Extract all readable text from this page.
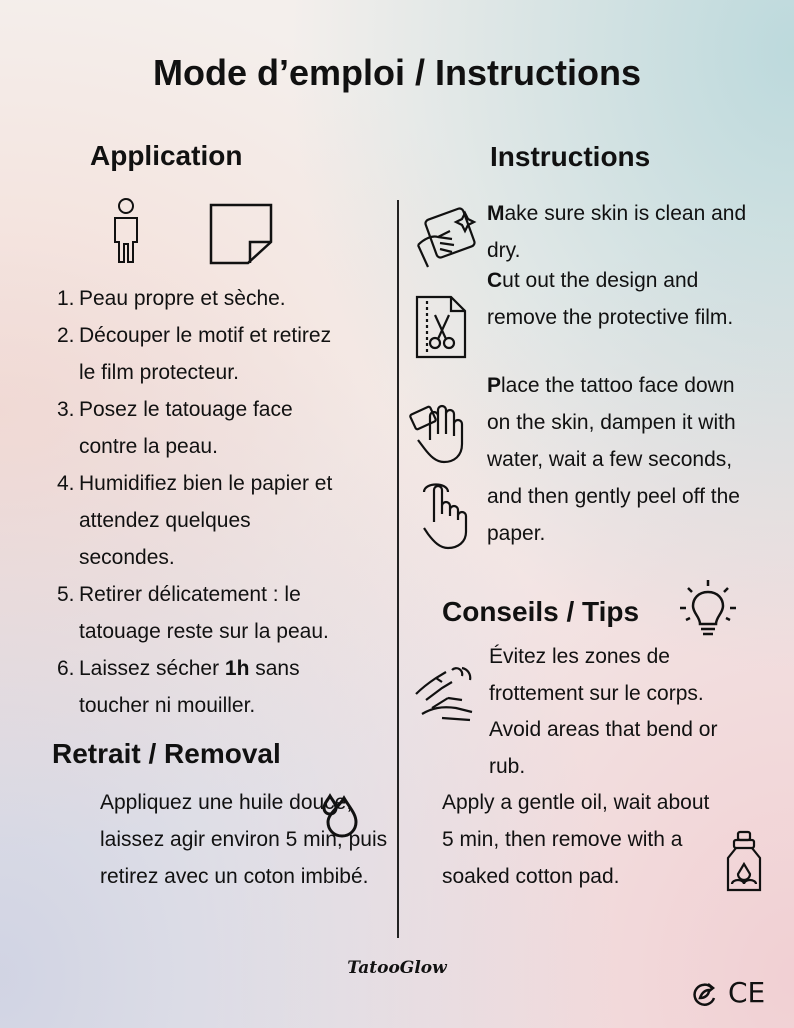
Mode d’emploi / Instructions
Application
1. Peau propre et sèche.
2. Découper le motif et retirez le film protecteur.
3. Posez le tatouage face contre la peau.
4. Humidifiez bien le papier et attendez quelques secondes.
5. Retirer délicatement : le tatouage reste sur la peau.
6. Laissez sécher 1h sans toucher ni mouiller.
Retrait / Removal
Appliquez une huile douce, laissez agir environ 5 min, puis retirez avec un coton imbibé.
Instructions
Make sure skin is clean and dry.
Cut out the design and remove the protective film.
Place the tattoo face down on the skin, dampen it with water, wait a few seconds, and then gently peel off the paper.
Conseils / Tips
Évitez les zones de frottement sur le corps.
Avoid areas that bend or rub.
Apply a gentle oil, wait about 5 min, then remove with a soaked cotton pad.
TatooGlow
CE
